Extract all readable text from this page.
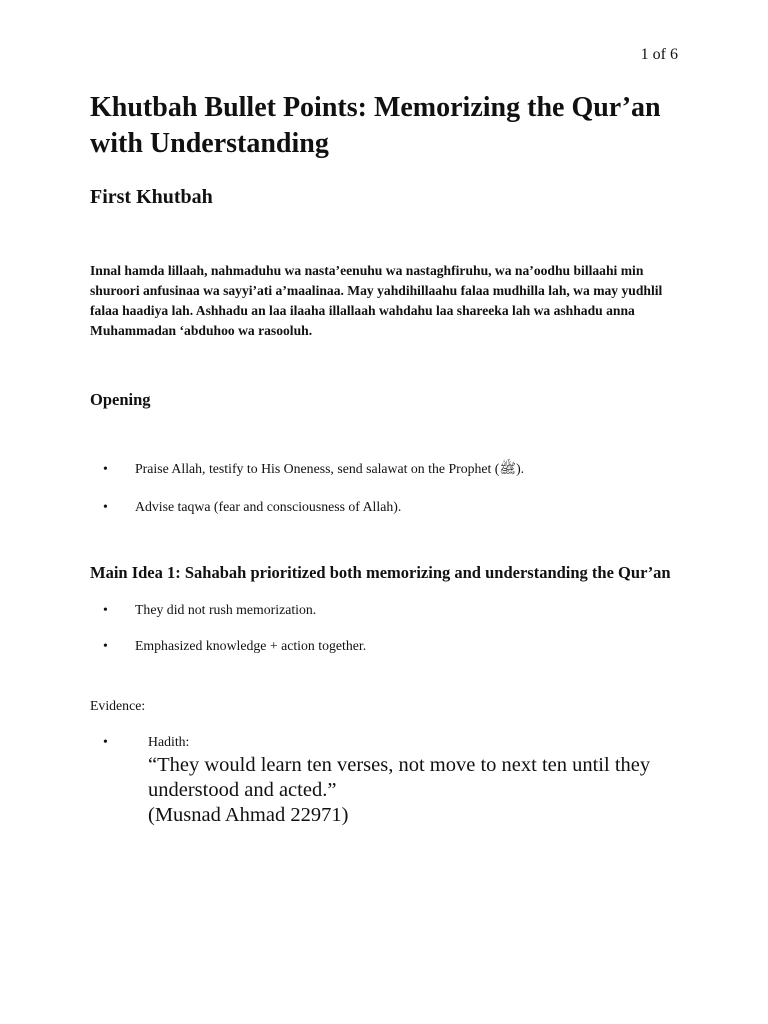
1 of 6
Khutbah Bullet Points: Memorizing the Qur’an with Understanding
First Khutbah

Innal hamda lillaah, nahmaduhu wa nasta’eenuhu wa nastaghfiruhu, wa na’oodhu billaahi min shuroori anfusinaa wa sayyi’ati a’maalinaa. May yahdihillaahu falaa mudhilla lah, wa may yudhlil falaa haadiya lah. Ashhadu an laa ilaaha illallaah wahdahu laa shareeka lah wa ashhadu anna Muhammadan ‘abduhoo wa rasooluh.

Opening
• Praise Allah, testify to His Oneness, send salawat on the Prophet (ﷺ).
• Advise taqwa (fear and consciousness of Allah).
Main Idea 1: Sahabah prioritized both memorizing and understanding the Qur’an
• They did not rush memorization.
• Emphasized knowledge + action together.
Evidence:
• Hadith:
“They would learn ten verses, not move to next ten until they understood and acted.”
(Musnad Ahmad 22971)
